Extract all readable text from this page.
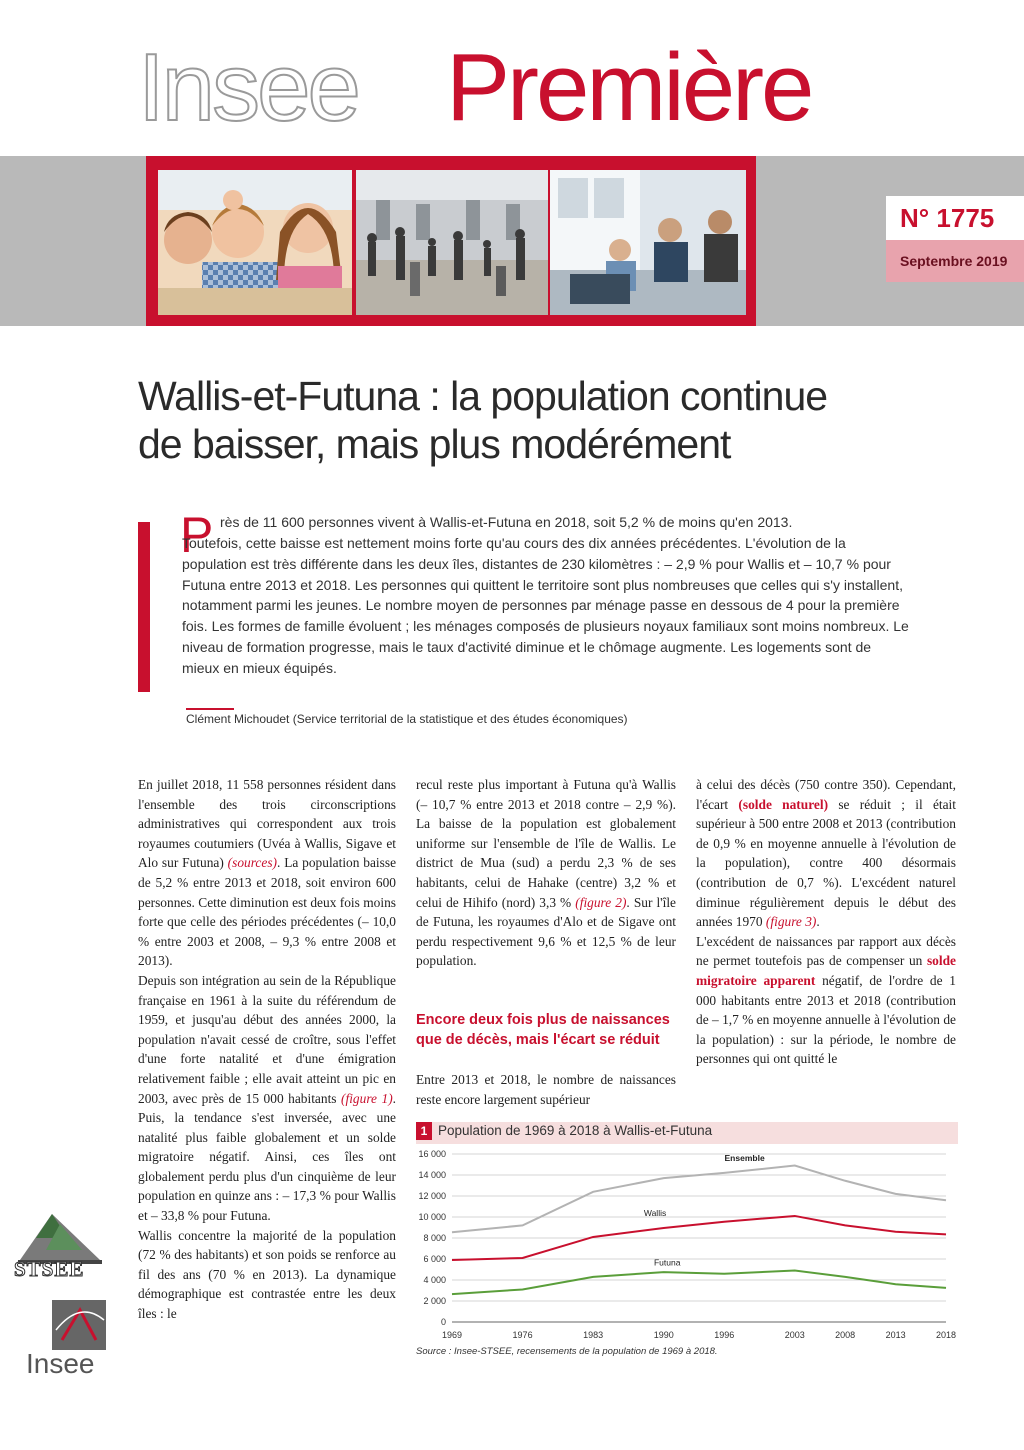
Insee Première
N° 1775
Septembre 2019
Wallis-et-Futuna : la population continue
de baisser, mais plus modérément
P rès de 11 600 personnes vivent à Wallis-et-Futuna en 2018, soit 5,2 % de moins qu'en 2013.
Toutefois, cette baisse est nettement moins forte qu'au cours des dix années précédentes. L'évolution de la population est très différente dans les deux îles, distantes de 230 kilomètres : – 2,9 % pour Wallis et – 10,7 % pour Futuna entre 2013 et 2018. Les personnes qui quittent le territoire sont plus nombreuses que celles qui s'y installent, notamment parmi les jeunes. Le nombre moyen de personnes par ménage passe en dessous de 4 pour la première fois. Les formes de famille évoluent ; les ménages composés de plusieurs noyaux familiaux sont moins nombreux. Le niveau de formation progresse, mais le taux d'activité diminue et le chômage augmente. Les logements sont de mieux en mieux équipés.
Clément Michoudet (Service territorial de la statistique et des études économiques)

En juillet 2018, 11 558 personnes résident dans l'ensemble des trois circonscriptions administratives qui correspondent aux trois royaumes coutumiers (Uvéa à Wallis, Sigave et Alo sur Futuna) (sources). La population baisse de 5,2 % entre 2013 et 2018, soit environ 600 personnes. Cette diminution est deux fois moins forte que celle des périodes précédentes (– 10,0 % entre 2003 et 2008, – 9,3 % entre 2008 et 2013).

Depuis son intégration au sein de la République française en 1961 à la suite du référendum de 1959, et jusqu'au début des années 2000, la population n'avait cessé de croître, sous l'effet d'une forte natalité et d'une émigration relativement faible ; elle avait atteint un pic en 2003, avec près de 15 000 habitants (figure 1). Puis, la tendance s'est inversée, avec une natalité plus faible globalement et un solde migratoire négatif. Ainsi, ces îles ont globalement perdu plus d'un cinquième de leur population en quinze ans : – 17,3 % pour Wallis et – 33,8 % pour Futuna.

Wallis concentre la majorité de la population (72 % des habitants) et son poids se renforce au fil des ans (70 % en 2013). La dynamique démographique est contrastée entre les deux îles : le

recul reste plus important à Futuna qu'à Wallis (– 10,7 % entre 2013 et 2018 contre – 2,9 %). La baisse de la population est globalement uniforme sur l'ensemble de l'île de Wallis. Le district de Mua (sud) a perdu 2,3 % de ses habitants, celui de Hahake (centre) 3,2 % et celui de Hihifo (nord) 3,3 % (figure 2). Sur l'île de Futuna, les royaumes d'Alo et de Sigave ont perdu respectivement 9,6 % et 12,5 % de leur population.

Encore deux fois plus de naissances que de décès, mais l'écart se réduit

Entre 2013 et 2018, le nombre de naissances reste encore largement supérieur

à celui des décès (750 contre 350). Cependant, l'écart (solde naturel) se réduit ; il était supérieur à 500 entre 2008 et 2013 (contribution de 0,9 % en moyenne annuelle à l'évolution de la population), contre 400 désormais (contribution de 0,7 %). L'excédent naturel diminue régulièrement depuis le début des années 1970 (figure 3).

L'excédent de naissances par rapport aux décès ne permet toutefois pas de compenser un solde migratoire apparent négatif, de l'ordre de 1 000 habitants entre 2013 et 2018 (contribution de – 1,7 % en moyenne annuelle à l'évolution de la population) : sur la période, le nombre de personnes qui ont quitté le

1 Population de 1969 à 2018 à Wallis-et-Futuna
0
2 000
4 000
6 000
8 000
10 000
12 000
14 000
16 000
1969	1976	1983	1990	1996	2003	2008	2013	2018
Ensemble
Wallis
Futuna
Source : Insee-STSEE, recensements de la population de 1969 à 2018.
STSEE
Insee
